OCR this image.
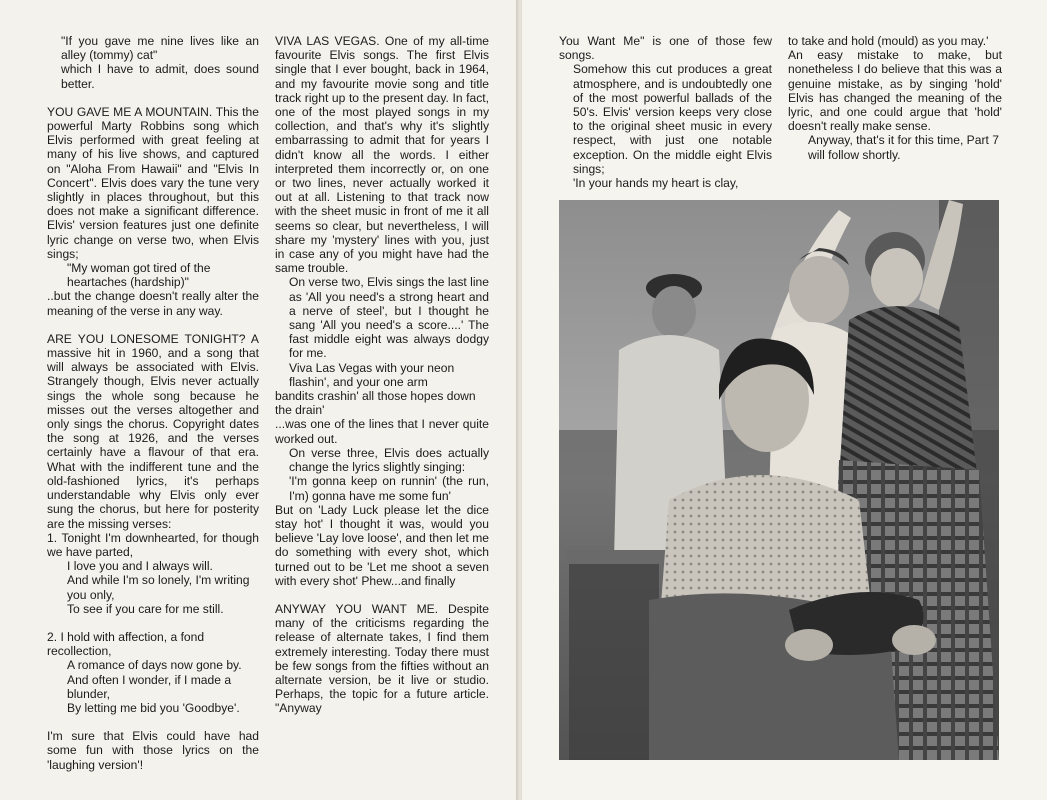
"If you gave me nine lives like an alley (tommy) cat"

which I have to admit, does sound better.

YOU GAVE ME A MOUNTAIN. This the powerful Marty Robbins song which Elvis performed with great feeling at many of his live shows, and captured on "Aloha From Hawaii" and "Elvis In Concert". Elvis does vary the tune very slightly in places throughout, but this does not make a significant difference. Elvis' version features just one definite lyric change on verse two, when Elvis sings;

"My woman got tired of the heartaches (hardship)"

..but the change doesn't really alter the meaning of the verse in any way.

ARE YOU LONESOME TONIGHT? A massive hit in 1960, and a song that will always be associated with Elvis. Strangely though, Elvis never actually sings the whole song because he misses out the verses altogether and only sings the chorus. Copyright dates the song at 1926, and the verses certainly have a flavour of that era. What with the indifferent tune and the old-fashioned lyrics, it's perhaps understandable why Elvis only ever sung the chorus, but here for posterity are the missing verses:

1. Tonight I'm downhearted, for though we have parted,

I love you and I always will.

And while I'm so lonely, I'm writing you only,

To see if you care for me still.

2. I hold with affection, a fond recollection,

A romance of days now gone by.

And often I wonder, if I made a blunder,

By letting me bid you 'Goodbye'.

I'm sure that Elvis could have had some fun with those lyrics on the 'laughing version'!

VIVA LAS VEGAS. One of my all-time favourite Elvis songs. The first Elvis single that I ever bought, back in 1964, and my favourite movie song and title track right up to the present day. In fact, one of the most played songs in my collection, and that's why it's slightly embarrassing to admit that for years I didn't know all the words. I either interpreted them incorrectly or, on one or two lines, never actually worked it out at all. Listening to that track now with the sheet music in front of me it all seems so clear, but nevertheless, I will share my 'mystery' lines with you, just in case any of you might have had the same trouble.

On verse two, Elvis sings the last line as 'All you need's a strong heart and a nerve of steel', but I thought he sang 'All you need's a score....' The fast middle eight was always dodgy for me.

Viva Las Vegas with your neon flashin', and your one arm

bandits crashin' all those hopes down the drain'

...was one of the lines that I never quite worked out.

On verse three, Elvis does actually change the lyrics slightly singing:

'I'm gonna keep on runnin' (the run, I'm) gonna have me some fun'

But on 'Lady Luck please let the dice stay hot' I thought it was, would you believe 'Lay love loose', and then let me do something with every shot, which turned out to be 'Let me shoot a seven with every shot' Phew...and finally

ANYWAY YOU WANT ME. Despite many of the criticisms regarding the release of alternate takes, I find them extremely interesting. Today there must be few songs from the fifties without an alternate version, be it live or studio. Perhaps, the topic for a future article. "Anyway

You Want Me" is one of those few songs.

Somehow this cut produces a great atmosphere, and is undoubtedly one of the most powerful ballads of the 50's. Elvis' version keeps very close to the original sheet music in every respect, with just one notable exception. On the middle eight Elvis sings;

'In your hands my heart is clay,

to take and hold (mould) as you may.'

An easy mistake to make, but nonetheless I do believe that this was a genuine mistake, as by singing 'hold' Elvis has changed the meaning of the lyric, and one could argue that 'hold' doesn't really make sense.

Anyway, that's it for this time, Part 7 will follow shortly.
